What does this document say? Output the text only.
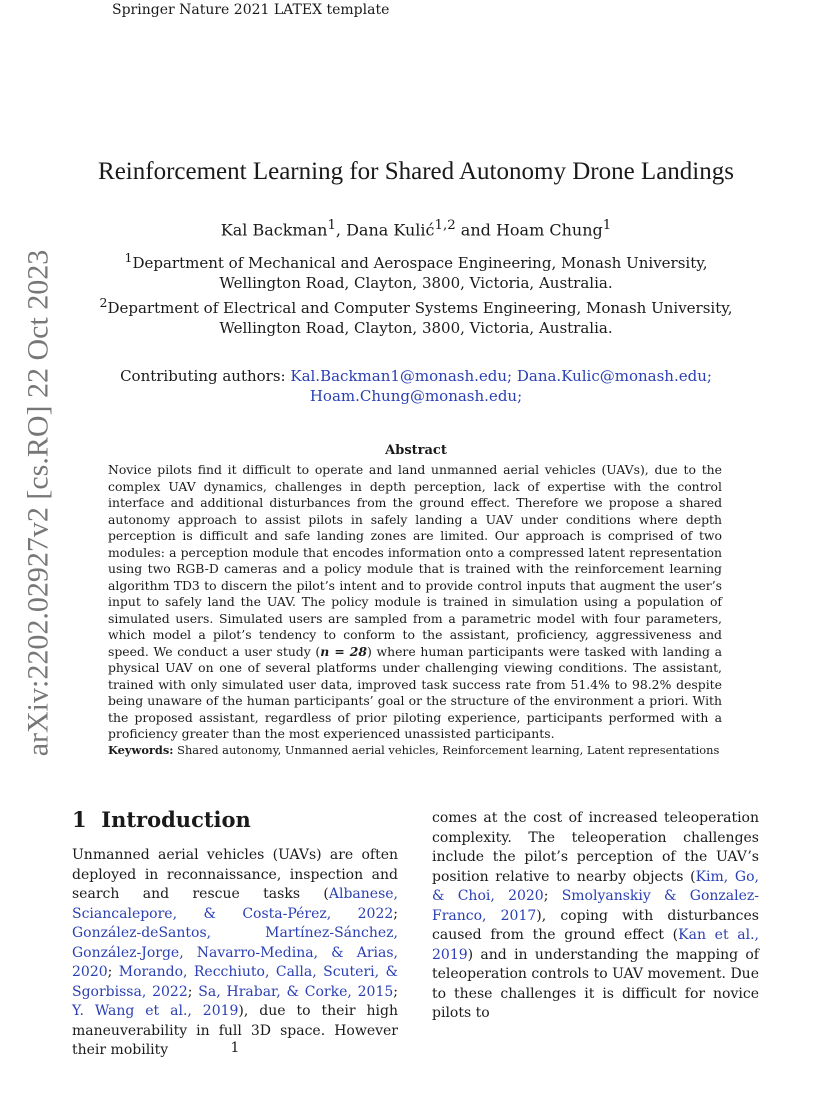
Springer Nature 2021 LATEX template
arXiv:2202.02927v2 [cs.RO] 22 Oct 2023
Reinforcement Learning for Shared Autonomy Drone Landings
Kal Backman$^1$, Dana Kulić$^{1,2}$ and Hoam Chung$^1$

$^1$Department of Mechanical and Aerospace Engineering, Monash University, Wellington Road, Clayton, 3800, Victoria, Australia.

$^2$Department of Electrical and Computer Systems Engineering, Monash University, Wellington Road, Clayton, 3800, Victoria, Australia.

Contributing authors: Kal.Backman1@monash.edu; Dana.Kulic@monash.edu;
Hoam.Chung@monash.edu;
Abstract
Novice pilots find it difficult to operate and land unmanned aerial vehicles (UAVs), due to the complex UAV dynamics, challenges in depth perception, lack of expertise with the control interface and additional disturbances from the ground effect. Therefore we propose a shared autonomy approach to assist pilots in safely landing a UAV under conditions where depth perception is difficult and safe landing zones are limited. Our approach is comprised of two modules: a perception module that encodes information onto a compressed latent representation using two RGB-D cameras and a policy module that is trained with the reinforcement learning algorithm TD3 to discern the pilot’s intent and to provide control inputs that augment the user’s input to safely land the UAV. The policy module is trained in simulation using a population of simulated users. Simulated users are sampled from a parametric model with four parameters, which model a pilot’s tendency to conform to the assistant, proficiency, aggressiveness and speed. We conduct a user study (n = 28) where human participants were tasked with landing a physical UAV on one of several platforms under challenging viewing conditions. The assistant, trained with only simulated user data, improved task success rate from 51.4% to 98.2% despite being unaware of the human participants’ goal or the structure of the environment a priori. With the proposed assistant, regardless of prior piloting experience, participants performed with a proficiency greater than the most experienced unassisted participants.
Keywords: Shared autonomy, Unmanned aerial vehicles, Reinforcement learning, Latent representations
1 Introduction
Unmanned aerial vehicles (UAVs) are often deployed in reconnaissance, inspection and search and rescue tasks (Albanese, Sciancalepore, & Costa-Pérez, 2022; González-deSantos, Martínez-Sánchez, González-Jorge, Navarro-Medina, & Arias, 2020; Morando, Recchiuto, Calla, Scuteri, & Sgorbissa, 2022; Sa, Hrabar, & Corke, 2015; Y. Wang et al., 2019), due to their high maneuverability in full 3D space. However their mobility
comes at the cost of increased teleoperation complexity. The teleoperation challenges include the pilot’s perception of the UAV’s position relative to nearby objects (Kim, Go, & Choi, 2020; Smolyanskiy & Gonzalez-Franco, 2017), coping with disturbances caused from the ground effect (Kan et al., 2019) and in understanding the mapping of teleoperation controls to UAV movement. Due to these challenges it is difficult for novice pilots to
1
